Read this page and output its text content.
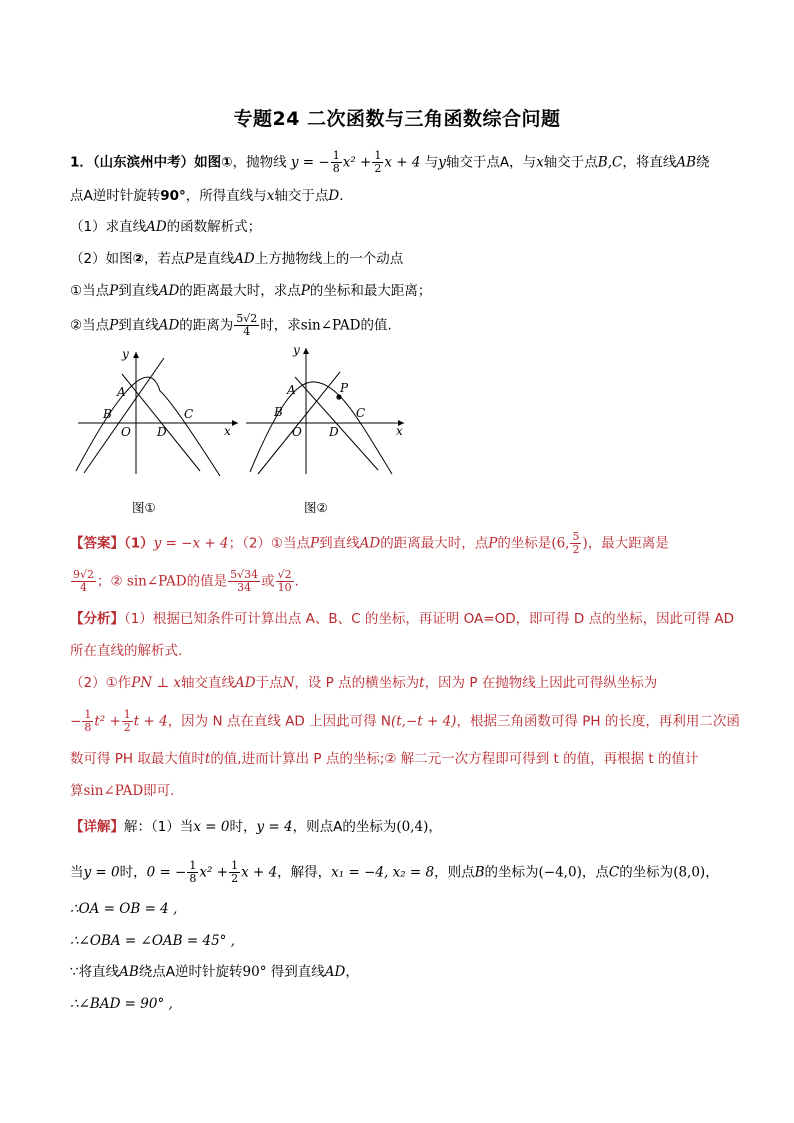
专题24 二次函数与三角函数综合问题
1．（山东滨州中考）如图①，抛物线 y = − $\frac{1}{8} x^2 + \frac{1}{2}$ x + 4 与y轴交于点A，与x轴交于点B,C，将直线AB绕
点A逆时针旋转90°，所得直线与x轴交于点D.
（1）求直线AD的函数解析式；
（2）如图②，若点P是直线AD上方抛物线上的一个动点
①当点P到直线AD的距离最大时，求点P的坐标和最大距离；
②当点P到直线AD的距离为 $\frac{5√2}{4}$ 时，求sin∠PAD的值.
y
x
A
B
O D
C
图①
y
x
A	P
B
O D
C
图②
【答案】（1）y = −x + 4；（2）①当点P到直线AD的距离最大时，点P的坐标是(6, $\frac{5}{2}$ )，最大距离是
$\frac{9√2}{4}$ ；② sin∠PAD的值是 $\frac{5√34}{34}$ 或 $\frac{√2}{10}$ .
【分析】（1）根据已知条件可计算出点 A、B、C 的坐标，再证明 OA=OD，即可得 D 点的坐标，因此可得 AD
所在直线的解析式.
（2）①作PN ⊥ x轴交直线AD于点N，设 P 点的横坐标为t，因为 P 在抛物线上因此可得纵坐标为
− $\frac{1}{8} t^2 + \frac{1}{2}$ t + 4，因为 N 点在直线 AD 上因此可得 N(t,−t + 4)，根据三角函数可得 PH 的长度，再利用二次函
数可得 PH 取最大值时t的值,进而计算出 P 点的坐标;② 解二元一次方程即可得到 t 的值，再根据 t 的值计
算sin∠PAD即可.
【详解】解：（1）当x = 0时，y = 4，则点A的坐标为(0,4)，
当y = 0时，0 = − $\frac{1}{8} x^2 + \frac{1}{2}$ x + 4，解得，x₁ = −4, x₂ = 8，则点B的坐标为(−4,0)，点C的坐标为(8,0)，
∴OA = OB = 4 ,
∴∠OBA = ∠OAB = 45° ,
∵将直线AB绕点A逆时针旋转90° 得到直线AD，
∴∠BAD = 90° ,
